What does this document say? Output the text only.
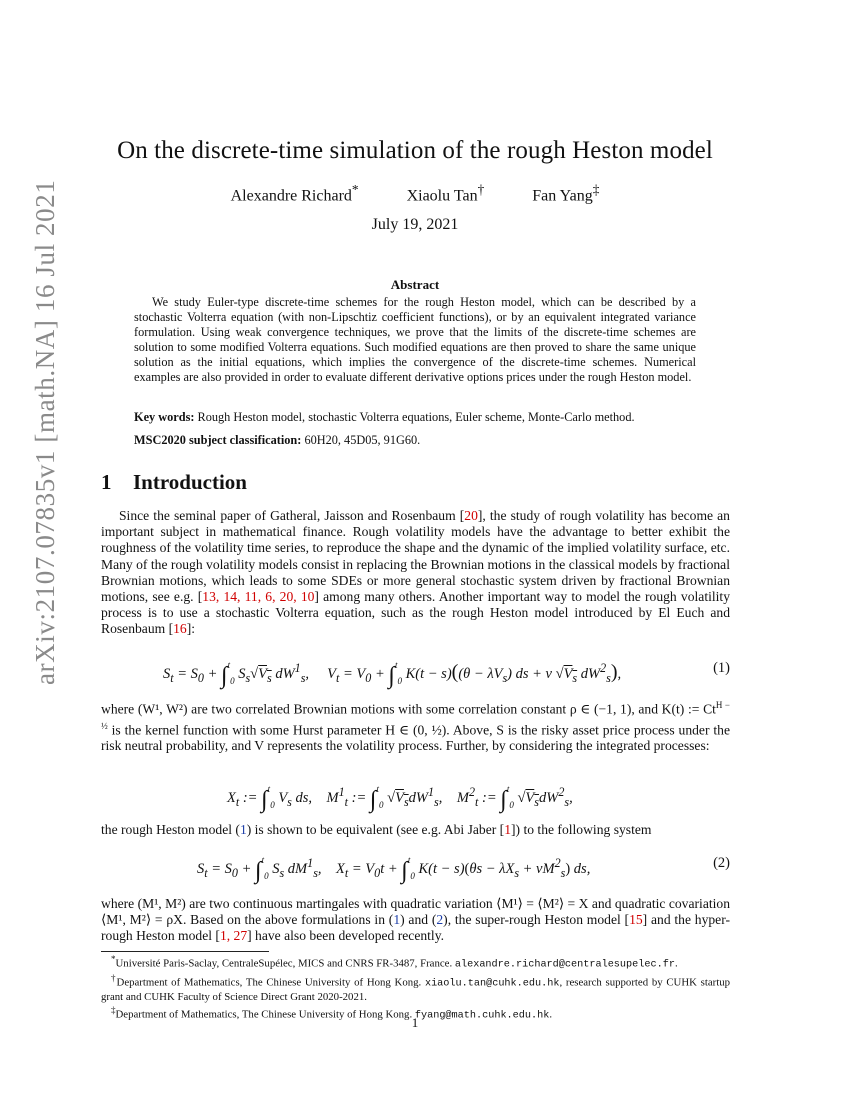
arXiv:2107.07835v1 [math.NA] 16 Jul 2021
On the discrete-time simulation of the rough Heston model
Alexandre Richard*	Xiaolu Tan†	Fan Yang‡
July 19, 2021
Abstract
We study Euler-type discrete-time schemes for the rough Heston model, which can be described by a stochastic Volterra equation (with non-Lipschtiz coefficient functions), or by an equivalent integrated variance formulation. Using weak convergence techniques, we prove that the limits of the discrete-time schemes are solution to some modified Volterra equations. Such modified equations are then proved to share the same unique solution as the initial equations, which implies the convergence of the discrete-time schemes. Numerical examples are also provided in order to evaluate different derivative options prices under the rough Heston model.
Key words: Rough Heston model, stochastic Volterra equations, Euler scheme, Monte-Carlo method.
MSC2020 subject classification: 60H20, 45D05, 91G60.
1 Introduction
Since the seminal paper of Gatheral, Jaisson and Rosenbaum [20], the study of rough volatility has become an important subject in mathematical finance. Rough volatility models have the advantage to better exhibit the roughness of the volatility time series, to reproduce the shape and the dynamic of the implied volatility surface, etc. Many of the rough volatility models consist in replacing the Brownian motions in the classical models by fractional Brownian motions, which leads to some SDEs or more general stochastic system driven by fractional Brownian motions, see e.g. [13, 14, 11, 6, 20, 10] among many others. Another important way to model the rough volatility process is to use a stochastic Volterra equation, such as the rough Heston model introduced by El Euch and Rosenbaum [16]:
$S_t = S_0 + \int^t_0$ $S_s√V_s$ $dW^1_s$,     $V_t = V_0 + \int^t_0$ $K(t - s)((\theta - \lambda V_s)$ ds + ν $√V_s$ $dW^2_s$),	(1)
where (W¹, W²) are two correlated Brownian motions with some correlation constant ρ ∈ (−1, 1), and K(t) := $Ct^{H - \frac{1}{2}}$ is the kernel function with some Hurst parameter H ∈ (0, ½). Above, S is the risky asset price process under the risk neutral probability, and V represents the volatility process. Further, by considering the integrated processes:
$X_t$ := ∫$^t_0$ $V_s$ ds,    $M^1_t$ := ∫$^t_0$ $√V_sdW^1_s$,    $M^2_t$ := ∫$^t_0$ $√V_sdW^2_s$,
the rough Heston model (1) is shown to be equivalent (see e.g. Abi Jaber [1]) to the following system
$S_t = S_0 + \int^t_0$ $S_s$ $dM^1_s$,    $X_t = V_0t + \int^t_0$ $K(t - s)(\theta s - \lambda X_s + \nu M^2_s)$ ds,	(2)
where (M¹, M²) are two continuous martingales with quadratic variation ⟨M¹⟩ = ⟨M²⟩ = X and quadratic covariation ⟨M¹, M²⟩ = ρX. Based on the above formulations in (1) and (2), the super-rough Heston model [15] and the hyper-rough Heston model [1, 27] have also been developed recently.
*Université Paris-Saclay, CentraleSupélec, MICS and CNRS FR-3487, France. alexandre.richard@centralesupelec.fr.
†Department of Mathematics, The Chinese University of Hong Kong. xiaolu.tan@cuhk.edu.hk, research supported by CUHK startup grant and CUHK Faculty of Science Direct Grant 2020-2021.
‡Department of Mathematics, The Chinese University of Hong Kong. fyang@math.cuhk.edu.hk.
1
